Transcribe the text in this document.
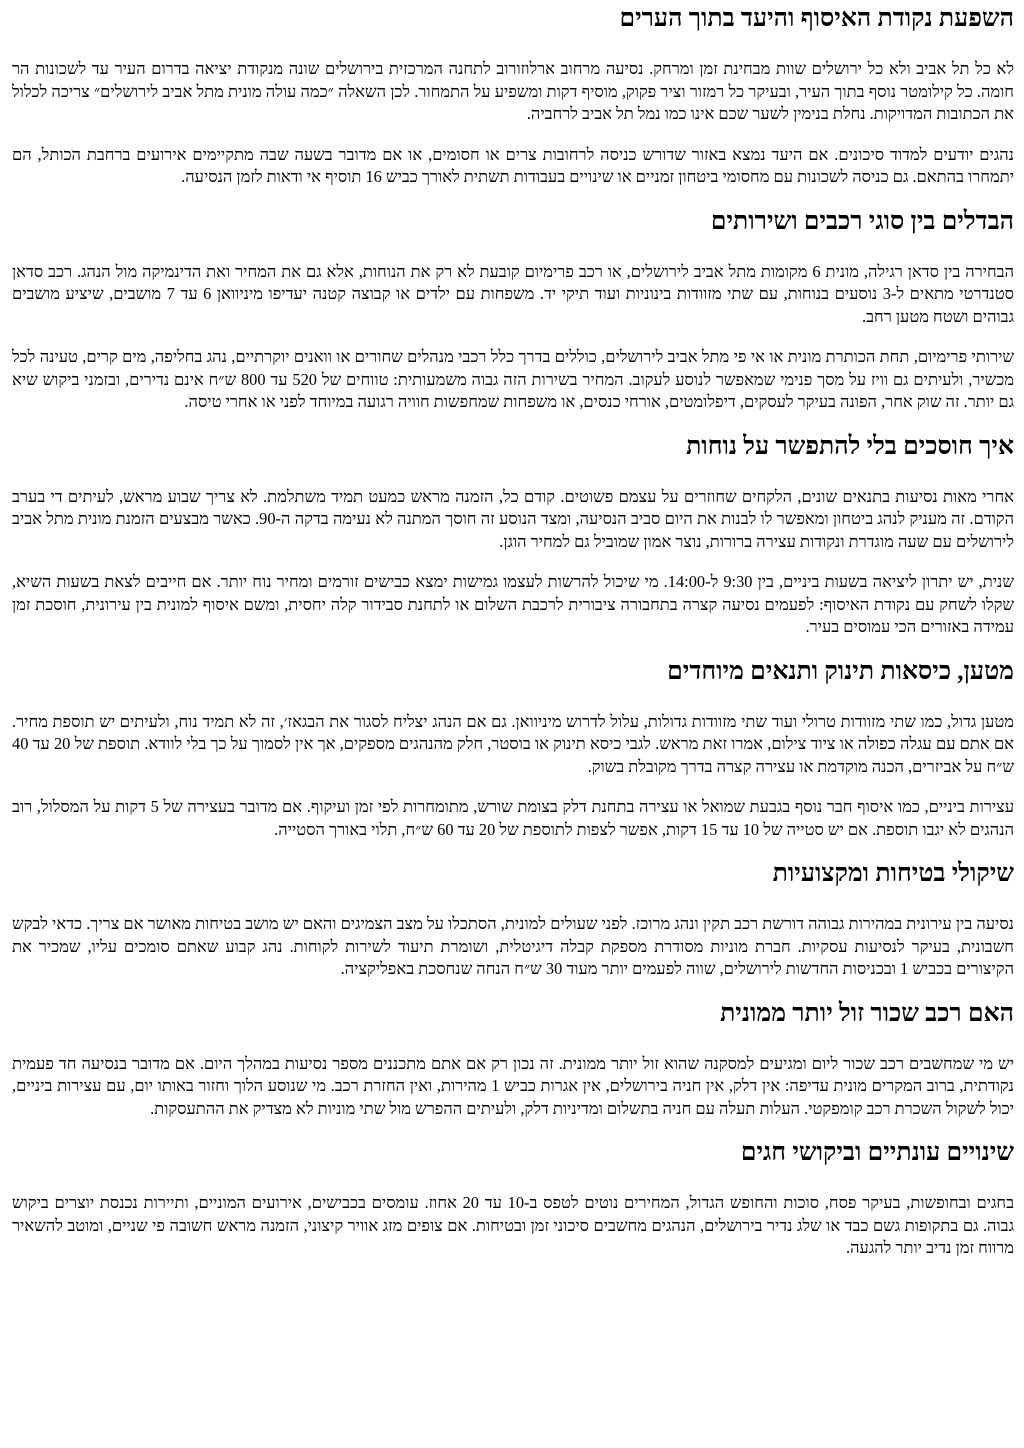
השפעת נקודת האיסוף והיעד בתוך הערים

לא כל תל אביב ולא כל ירושלים שוות מבחינת זמן ומרחק. נסיעה מרחוב ארלוזורוב לתחנה המרכזית בירושלים שונה מנקודת יציאה בדרום העיר עד לשכונות הר חומה. כל קילומטר נוסף בתוך העיר, ובעיקר כל רמזור וציר פקוק, מוסיף דקות ומשפיע על התמחור. לכן השאלה ״כמה עולה מונית מתל אביב לירושלים״ צריכה לכלול את הכתובות המדויקות. נחלת בנימין לשער שכם אינו כמו נמל תל אביב לרחביה.

נהגים יודעים למדוד סיכונים. אם היעד נמצא באזור שדורש כניסה לרחובות צרים או חסומים, או אם מדובר בשעה שבה מתקיימים אירועים ברחבת הכותל, הם יתמחרו בהתאם. גם כניסה לשכונות עם מחסומי ביטחון זמניים או שינויים בעבודות תשתית לאורך כביש 16 תוסיף אי ודאות לזמן הנסיעה.

הבדלים בין סוגי רכבים ושירותים

הבחירה בין סדאן רגילה, מונית 6 מקומות מתל אביב לירושלים, או רכב פרימיום קובעת לא רק את הנוחות, אלא גם את המחיר ואת הדינמיקה מול הנהג. רכב סדאן סטנדרטי מתאים ל-3 נוסעים בנוחות, עם שתי מזוודות בינוניות ועוד תיקי יד. משפחות עם ילדים או קבוצה קטנה יעדיפו מיניוואן 6 עד 7 מושבים, שיציע מושבים גבוהים ושטח מטען רחב.

שירותי פרימיום, תחת הכותרת מונית או אי פי מתל אביב לירושלים, כוללים בדרך כלל רכבי מנהלים שחורים או וואנים יוקרתיים, נהג בחליפה, מים קרים, טעינה לכל מכשיר, ולעיתים גם וויז על מסך פנימי שמאפשר לנוסע לעקוב. המחיר בשירות הזה גבוה משמעותית: טווחים של 520 עד 800 ש״ח אינם נדירים, ובזמני ביקוש שיא גם יותר. זה שוק אחר, הפונה בעיקר לעסקים, דיפלומטים, אורחי כנסים, או משפחות שמחפשות חוויה רגועה במיוחד לפני או אחרי טיסה.

איך חוסכים בלי להתפשר על נוחות

אחרי מאות נסיעות בתנאים שונים, הלקחים שחוזרים על עצמם פשוטים. קודם כל, הזמנה מראש כמעט תמיד משתלמת. לא צריך שבוע מראש, לעיתים די בערב הקודם. זה מעניק לנהג ביטחון ומאפשר לו לבנות את היום סביב הנסיעה, ומצד הנוסע זה חוסך המתנה לא נעימה בדקה ה-90. כאשר מבצעים הזמנת מונית מתל אביב לירושלים עם שעה מוגדרת ונקודות עצירה ברורות, נוצר אמון שמוביל גם למחיר הוגן.

שנית, יש יתרון ליציאה בשעות ביניים, בין 9:30 ל-14:00. מי שיכול להרשות לעצמו גמישות ימצא כבישים זורמים ומחיר נוח יותר. אם חייבים לצאת בשעות השיא, שקלו לשחק עם נקודת האיסוף: לפעמים נסיעה קצרה בתחבורה ציבורית לרכבת השלום או לתחנת סבידור קלה יחסית, ומשם איסוף למונית בין עירונית, חוסכת זמן עמידה באזורים הכי עמוסים בעיר.

מטען, כיסאות תינוק ותנאים מיוחדים

מטען גדול, כמו שתי מזוודות טרולי ועוד שתי מזוודות גדולות, עלול לדרוש מיניוואן. גם אם הנהג יצליח לסגור את הבגאז׳, זה לא תמיד נוח, ולעיתים יש תוספת מחיר. אם אתם עם עגלה כפולה או ציוד צילום, אמרו זאת מראש. לגבי כיסא תינוק או בוסטר, חלק מהנהגים מספקים, אך אין לסמוך על כך בלי לוודא. תוספת של 20 עד 40 ש״ח על אביזרים, הכנה מוקדמת או עצירה קצרה בדרך מקובלת בשוק.

עצירות ביניים, כמו איסוף חבר נוסף בגבעת שמואל או עצירה בתחנת דלק בצומת שורש, מתומחרות לפי זמן ועיקוף. אם מדובר בעצירה של 5 דקות על המסלול, רוב הנהגים לא יגבו תוספת. אם יש סטייה של 10 עד 15 דקות, אפשר לצפות לתוספת של 20 עד 60 ש״ח, תלוי באורך הסטייה.

שיקולי בטיחות ומקצועיות

נסיעה בין עירונית במהירות גבוהה דורשת רכב תקין ונהג מרוכז. לפני שעולים למונית, הסתכלו על מצב הצמיגים והאם יש מושב בטיחות מאושר אם צריך. כדאי לבקש חשבונית, בעיקר לנסיעות עסקיות. חברת מוניות מסודרת מספקת קבלה דיגיטלית, ושומרת תיעוד לשירות לקוחות. נהג קבוע שאתם סומכים עליו, שמכיר את הקיצורים בכביש 1 ובכניסות החדשות לירושלים, שווה לפעמים יותר מעוד 30 ש״ח הנחה שנחסכת באפליקציה.

האם רכב שכור זול יותר ממונית

יש מי שמחשבים רכב שכור ליום ומגיעים למסקנה שהוא זול יותר ממונית. זה נכון רק אם אתם מתכננים מספר נסיעות במהלך היום. אם מדובר בנסיעה חד פעמית נקודתית, ברוב המקרים מונית עדיפה: אין דלק, אין חניה בירושלים, אין אגרות כביש 1 מהירות, ואין החזרת רכב. מי שנוסע הלוך וחזור באותו יום, עם עצירות ביניים, יכול לשקול השכרת רכב קומפקטי. העלות תעלה עם חניה בתשלום ומדיניות דלק, ולעיתים ההפרש מול שתי מוניות לא מצדיק את ההתעסקות.

שינויים עונתיים וביקושי חגים

בחגים ובחופשות, בעיקר פסח, סוכות והחופש הגדול, המחירים נוטים לטפס ב-10 עד 20 אחוז. עומסים בכבישים, אירועים המוניים, ותיירות נכנסת יוצרים ביקוש גבוה. גם בתקופות גשם כבד או שלג נדיר בירושלים, הנהגים מחשבים סיכוני זמן ובטיחות. אם צופים מזג אוויר קיצוני, הזמנה מראש חשובה פי שניים, ומוטב להשאיר מרווח זמן נדיב יותר להגעה.
